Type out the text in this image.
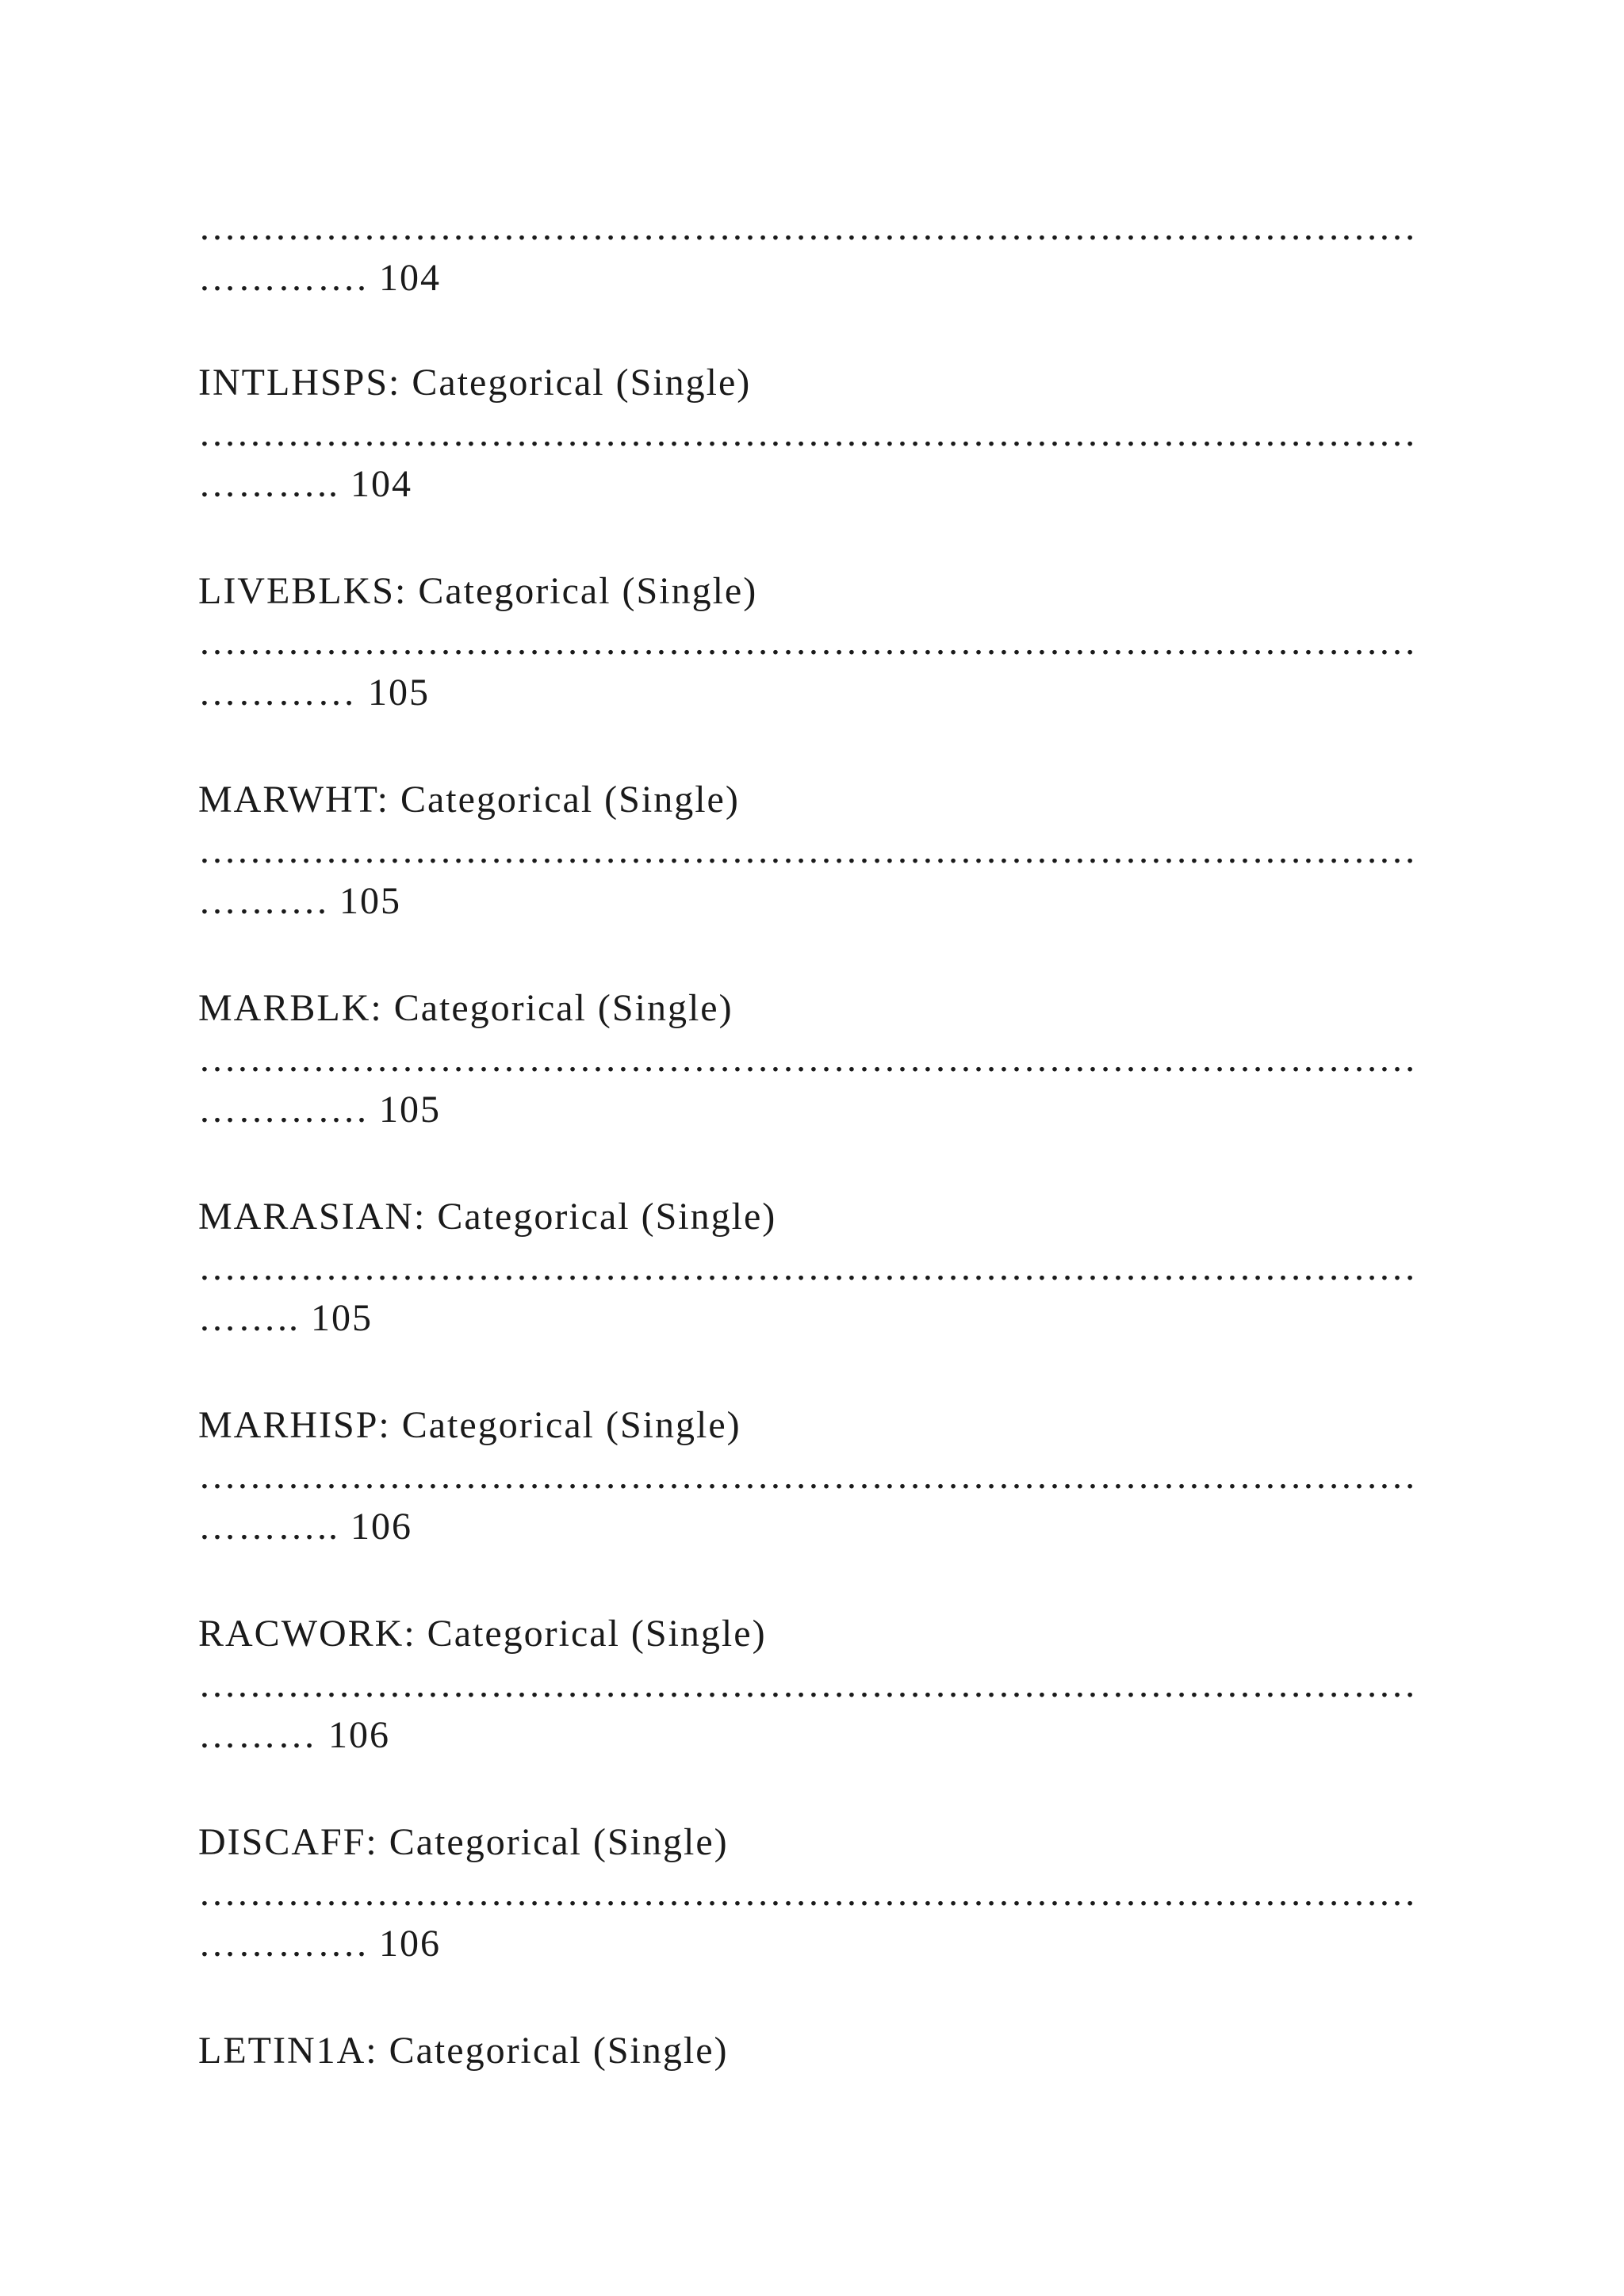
……………………………………………………………………………………
…………. 104
INTLHSPS: Categorical (Single)
……………………………………………………………………………………
……….. 104
LIVEBLKS: Categorical (Single)
……………………………………………………………………………………
………… 105
MARWHT: Categorical (Single)
……………………………………………………………………………………
………. 105
MARBLK: Categorical (Single)
……………………………………………………………………………………
…………. 105
MARASIAN: Categorical (Single)
……………………………………………………………………………………
…….. 105
MARHISP: Categorical (Single)
……………………………………………………………………………………
……….. 106
RACWORK: Categorical (Single)
……………………………………………………………………………………
……… 106
DISCAFF: Categorical (Single)
……………………………………………………………………………………
…………. 106
LETIN1A: Categorical (Single)
